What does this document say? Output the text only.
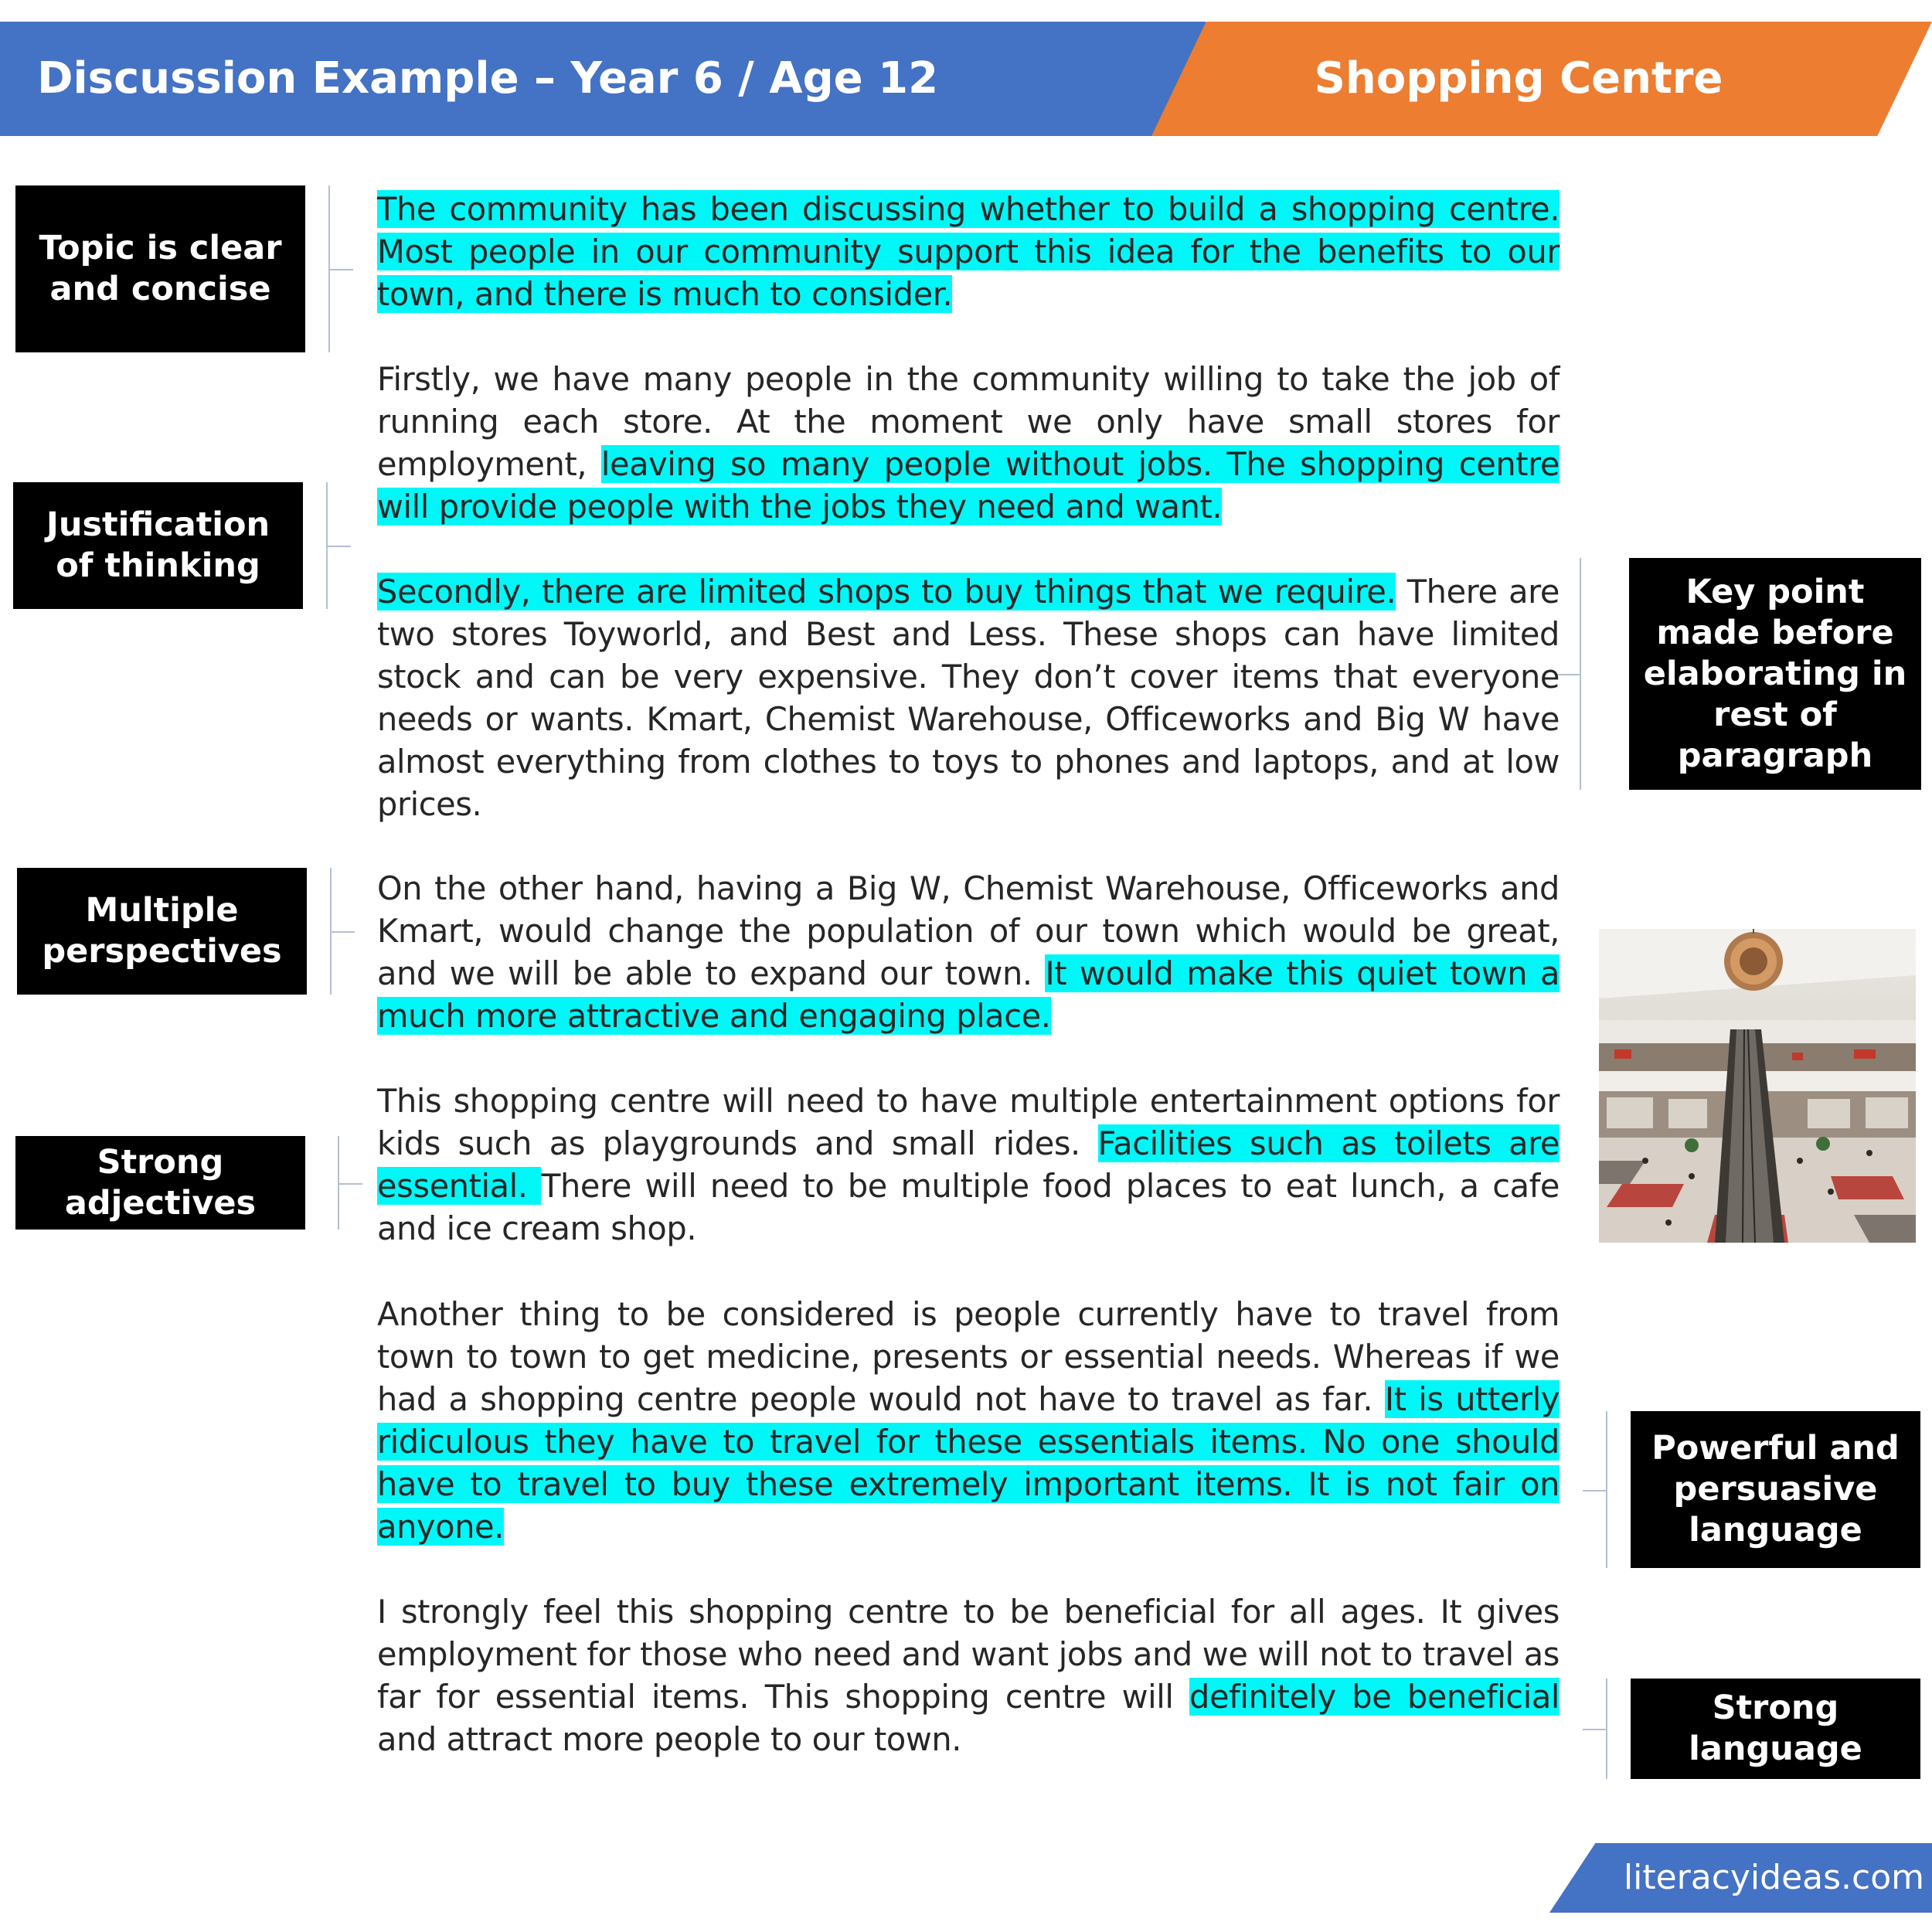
Discussion Example – Year 6 / Age 12	Shopping Centre
Topic is clear and concise
Justification of thinking
Multiple perspectives
Strong adjectives
Key point made before elaborating in rest of paragraph
Powerful and persuasive language
Strong language

The community has been discussing whether to build a shopping centre. Most people in our community support this idea for the benefits to our town, and there is much to consider.

Firstly, we have many people in the community willing to take the job of running each store. At the moment we only have small stores for employment, leaving so many people without jobs. The shopping centre will provide people with the jobs they need and want.

Secondly, there are limited shops to buy things that we require. There are two stores Toyworld, and Best and Less. These shops can have limited stock and can be very expensive. They don’t cover items that everyone needs or wants. Kmart, Chemist Warehouse, Officeworks and Big W have almost everything from clothes to toys to phones and laptops, and at low prices.

On the other hand, having a Big W, Chemist Warehouse, Officeworks and Kmart, would change the population of our town which would be great, and we will be able to expand our town. It would make this quiet town a much more attractive and engaging place.

This shopping centre will need to have multiple entertainment options for kids such as playgrounds and small rides. Facilities such as toilets are essential. There will need to be multiple food places to eat lunch, a cafe and ice cream shop.

Another thing to be considered is people currently have to travel from town to town to get medicine, presents or essential needs. Whereas if we had a shopping centre people would not have to travel as far. It is utterly ridiculous they have to travel for these essentials items. No one should have to travel to buy these extremely important items. It is not fair on anyone.

I strongly feel this shopping centre to be beneficial for all ages. It gives employment for those who need and want jobs and we will not to travel as far for essential items. This shopping centre will definitely be beneficial and attract more people to our town.

literacyideas.com
